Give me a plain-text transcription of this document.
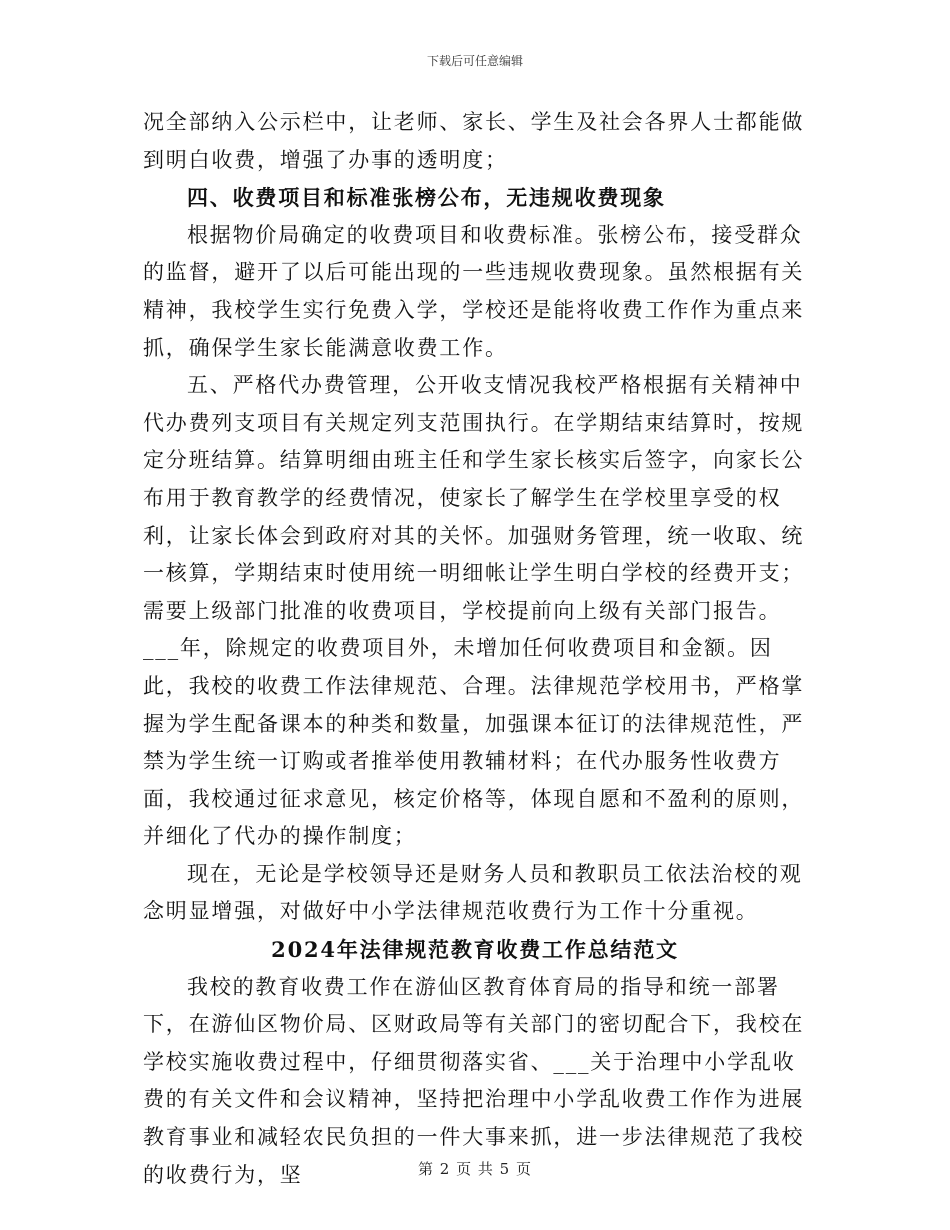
下载后可任意编辑

况全部纳入公示栏中，让老师、家长、学生及社会各界人士都能做到明白收费，增强了办事的透明度；

四、收费项目和标准张榜公布，无违规收费现象

根据物价局确定的收费项目和收费标准。张榜公布，接受群众的监督，避开了以后可能出现的一些违规收费现象。虽然根据有关精神，我校学生实行免费入学，学校还是能将收费工作作为重点来抓，确保学生家长能满意收费工作。

五、严格代办费管理，公开收支情况我校严格根据有关精神中代办费列支项目有关规定列支范围执行。在学期结束结算时，按规定分班结算。结算明细由班主任和学生家长核实后签字，向家长公布用于教育教学的经费情况，使家长了解学生在学校里享受的权利，让家长体会到政府对其的关怀。加强财务管理，统一收取、统一核算，学期结束时使用统一明细帐让学生明白学校的经费开支；需要上级部门批准的收费项目，学校提前向上级有关部门报告。___年，除规定的收费项目外，未增加任何收费项目和金额。因此，我校的收费工作法律规范、合理。法律规范学校用书，严格掌握为学生配备课本的种类和数量，加强课本征订的法律规范性，严禁为学生统一订购或者推举使用教辅材料；在代办服务性收费方面，我校通过征求意见，核定价格等，体现自愿和不盈利的原则，并细化了代办的操作制度；

现在，无论是学校领导还是财务人员和教职员工依法治校的观念明显增强，对做好中小学法律规范收费行为工作十分重视。

2024年法律规范教育收费工作总结范文

我校的教育收费工作在游仙区教育体育局的指导和统一部署下，在游仙区物价局、区财政局等有关部门的密切配合下，我校在学校实施收费过程中，仔细贯彻落实省、___关于治理中小学乱收费的有关文件和会议精神，坚持把治理中小学乱收费工作作为进展教育事业和减轻农民负担的一件大事来抓，进一步法律规范了我校的收费行为，坚	第 2 页 共 5 页
